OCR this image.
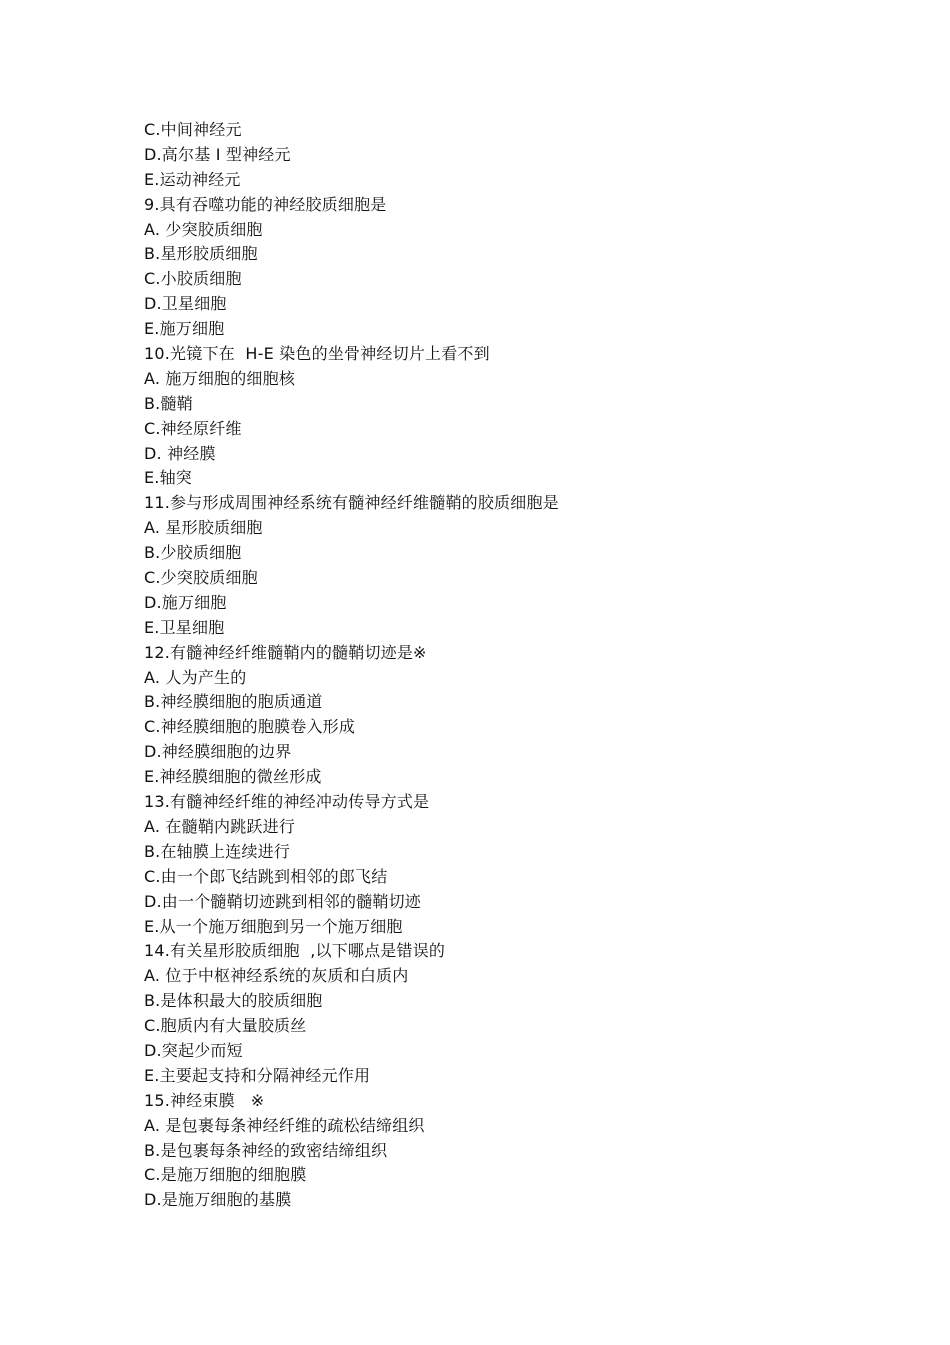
C.中间神经元
D.高尔基 Ⅰ 型神经元
E.运动神经元
9.具有吞噬功能的神经胶质细胞是
A. 少突胶质细胞
B.星形胶质细胞
C.小胶质细胞
D.卫星细胞
E.施万细胞
10.光镜下在  H-E 染色的坐骨神经切片上看不到
A. 施万细胞的细胞核
B.髓鞘
C.神经原纤维
D. 神经膜
E.轴突
11.参与形成周围神经系统有髓神经纤维髓鞘的胶质细胞是
A. 星形胶质细胞
B.少胶质细胞
C.少突胶质细胞
D.施万细胞
E.卫星细胞
12.有髓神经纤维髓鞘内的髓鞘切迹是※
A. 人为产生的
B.神经膜细胞的胞质通道
C.神经膜细胞的胞膜卷入形成
D.神经膜细胞的边界
E.神经膜细胞的微丝形成
13.有髓神经纤维的神经冲动传导方式是
A. 在髓鞘内跳跃进行
B.在轴膜上连续进行
C.由一个郎飞结跳到相邻的郎飞结
D.由一个髓鞘切迹跳到相邻的髓鞘切迹
E.从一个施万细胞到另一个施万细胞
14.有关星形胶质细胞  ,以下哪点是错误的
A. 位于中枢神经系统的灰质和白质内
B.是体积最大的胶质细胞
C.胞质内有大量胶质丝
D.突起少而短
E.主要起支持和分隔神经元作用
15.神经束膜   ※
A. 是包裹每条神经纤维的疏松结缔组织
B.是包裹每条神经的致密结缔组织
C.是施万细胞的细胞膜
D.是施万细胞的基膜
